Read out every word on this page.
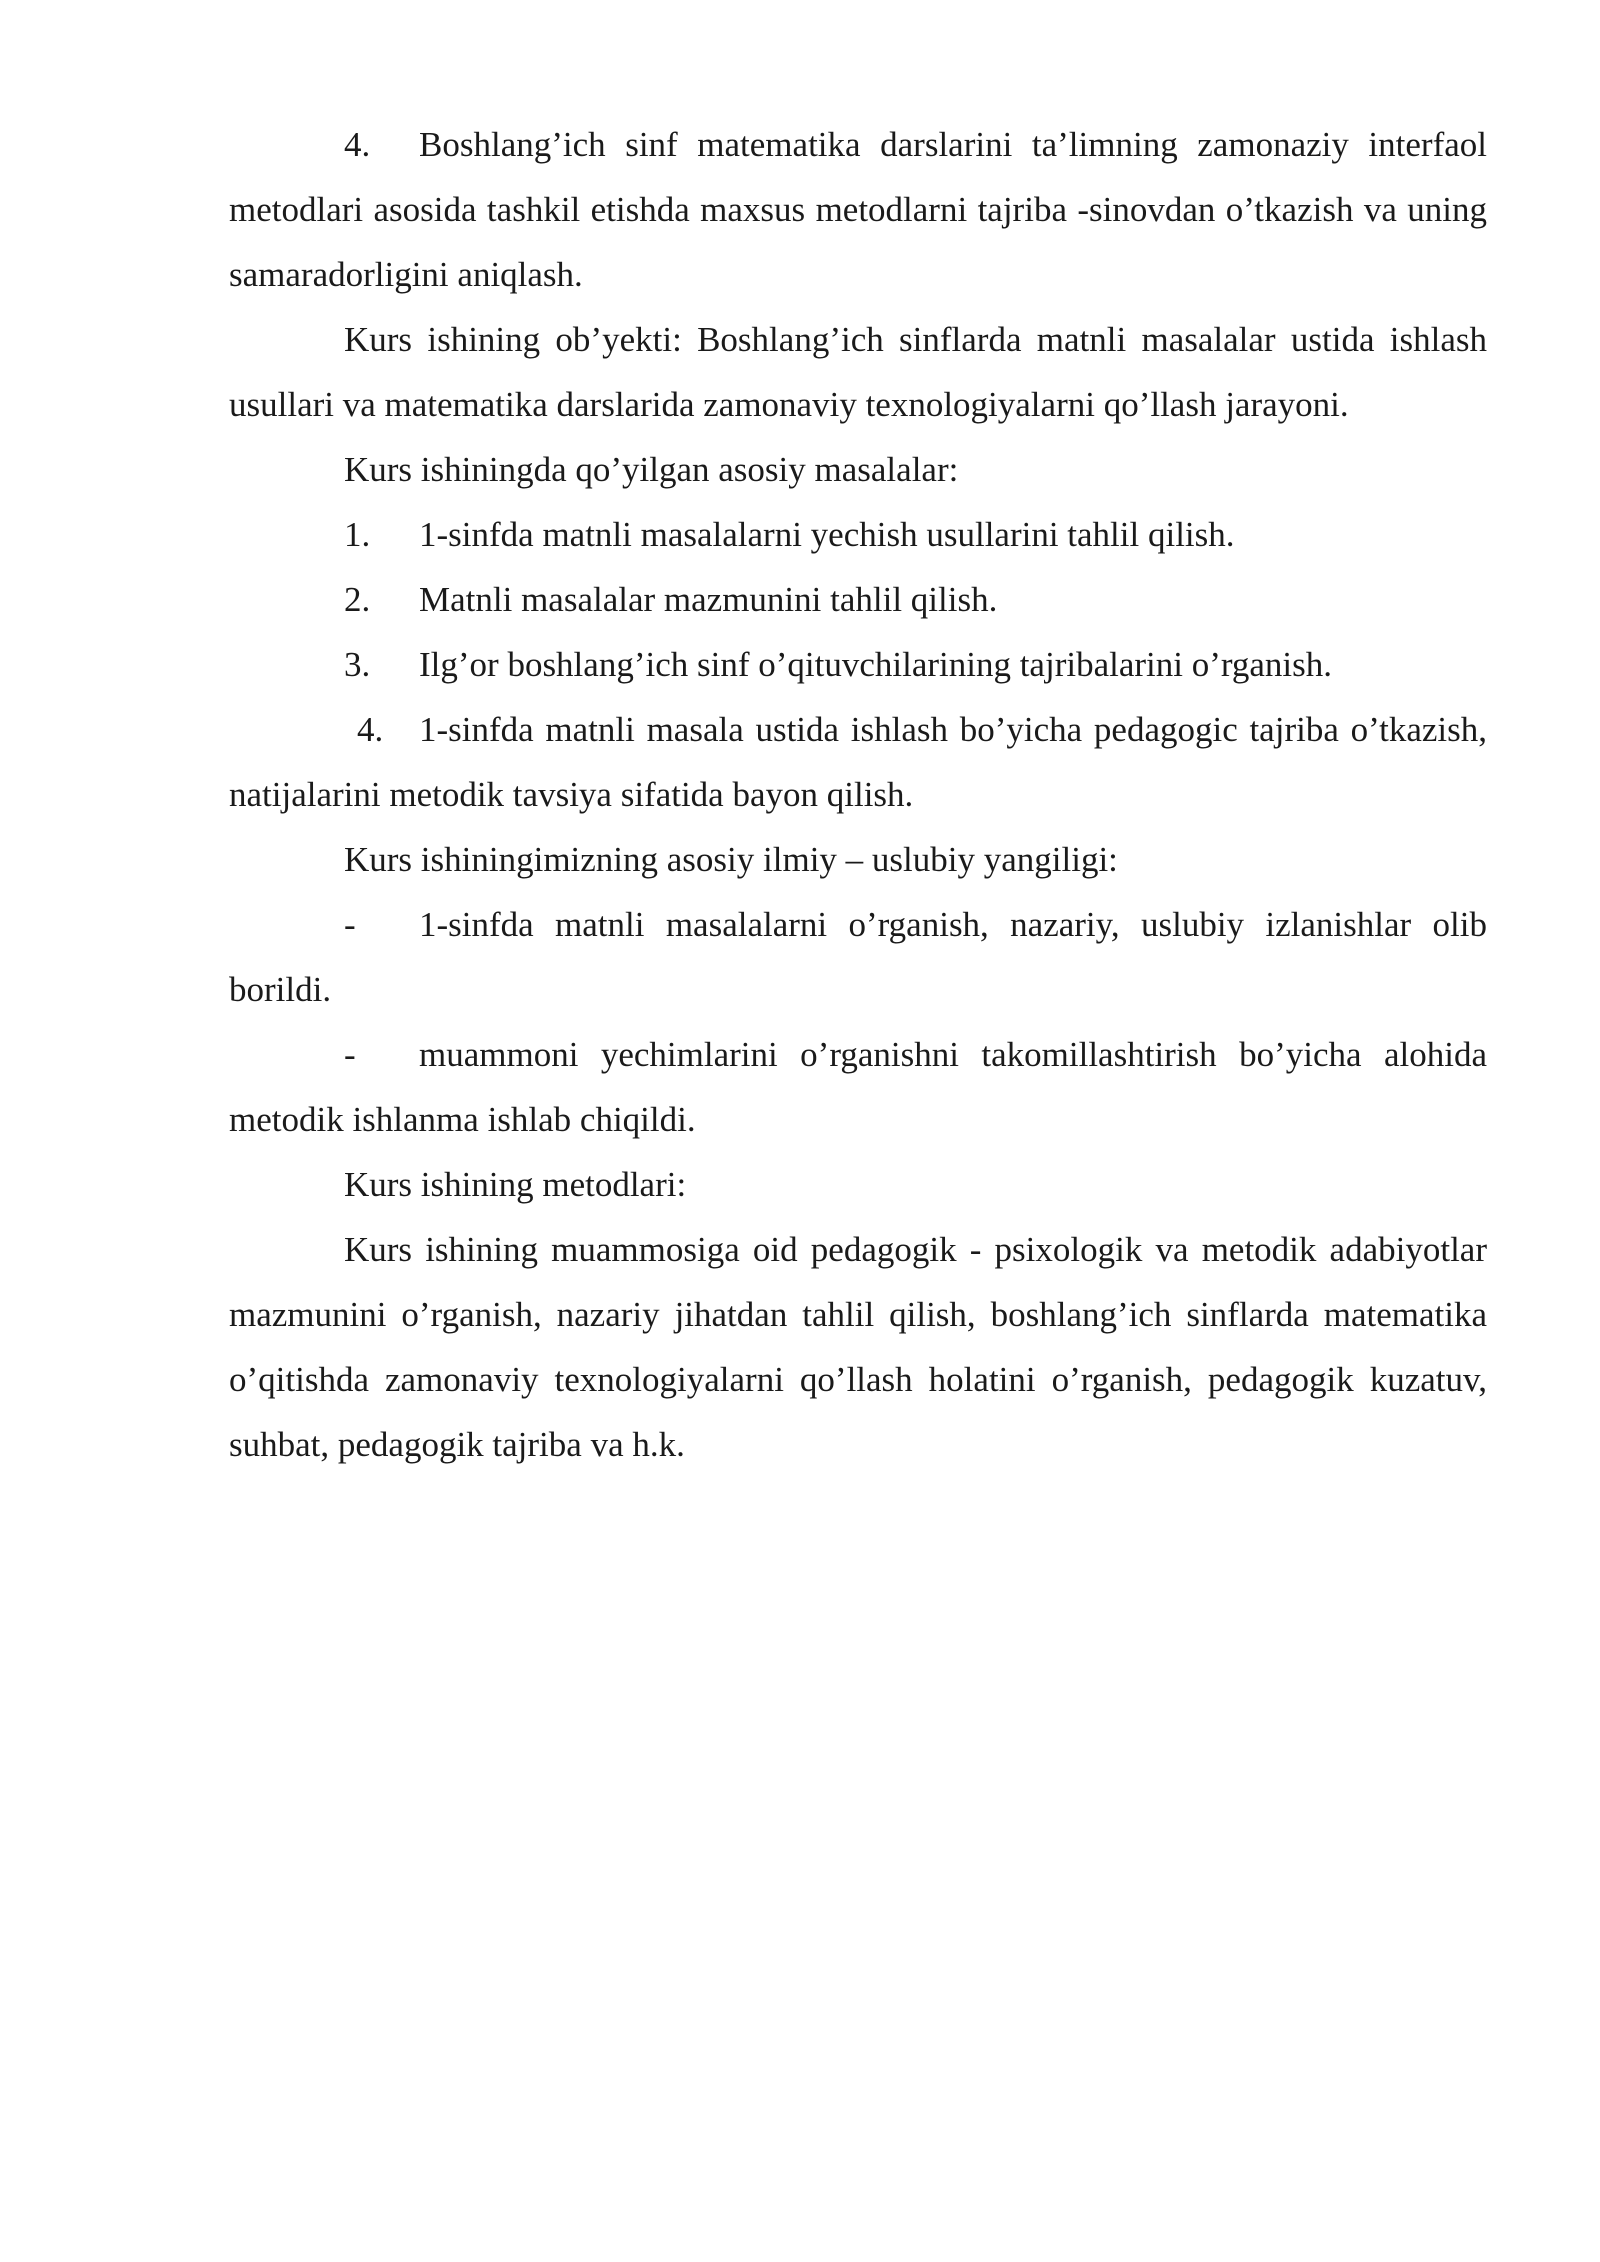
4. Boshlang’ich sinf matematika darslarini ta’limning zamonaziy interfaol metodlari asosida tashkil etishda maxsus metodlarni tajriba -sinovdan o’tkazish va uning samaradorligini aniqlash.

Kurs ishining ob’yekti: Boshlang’ich sinflarda matnli masalalar ustida ishlash usullari va matematika darslarida zamonaviy texnologiyalarni qo’llash jarayoni.

Kurs ishiningda qo’yilgan asosiy masalalar:

1. 1-sinfda matnli masalalarni yechish usullarini tahlil qilish.

2. Matnli masalalar mazmunini tahlil qilish.

3. Ilg’or boshlang’ich sinf o’qituvchilarining tajribalarini o’rganish.

4. 1-sinfda matnli masala ustida ishlash bo’yicha pedagogic tajriba o’tkazish, natijalarini metodik tavsiya sifatida bayon qilish.

Kurs ishiningimizning asosiy ilmiy – uslubiy yangiligi:

- 1-sinfda matnli masalalarni o’rganish, nazariy, uslubiy izlanishlar olib borildi.

- muammoni yechimlarini o’rganishni takomillashtirish bo’yicha alohida metodik ishlanma ishlab chiqildi.

Kurs ishining metodlari:

Kurs ishining muammosiga oid pedagogik - psixologik va metodik adabiyotlar mazmunini o’rganish, nazariy jihatdan tahlil qilish, boshlang’ich sinflarda matematika o’qitishda zamonaviy texnologiyalarni qo’llash holatini o’rganish, pedagogik kuzatuv, suhbat, pedagogik tajriba va h.k.
